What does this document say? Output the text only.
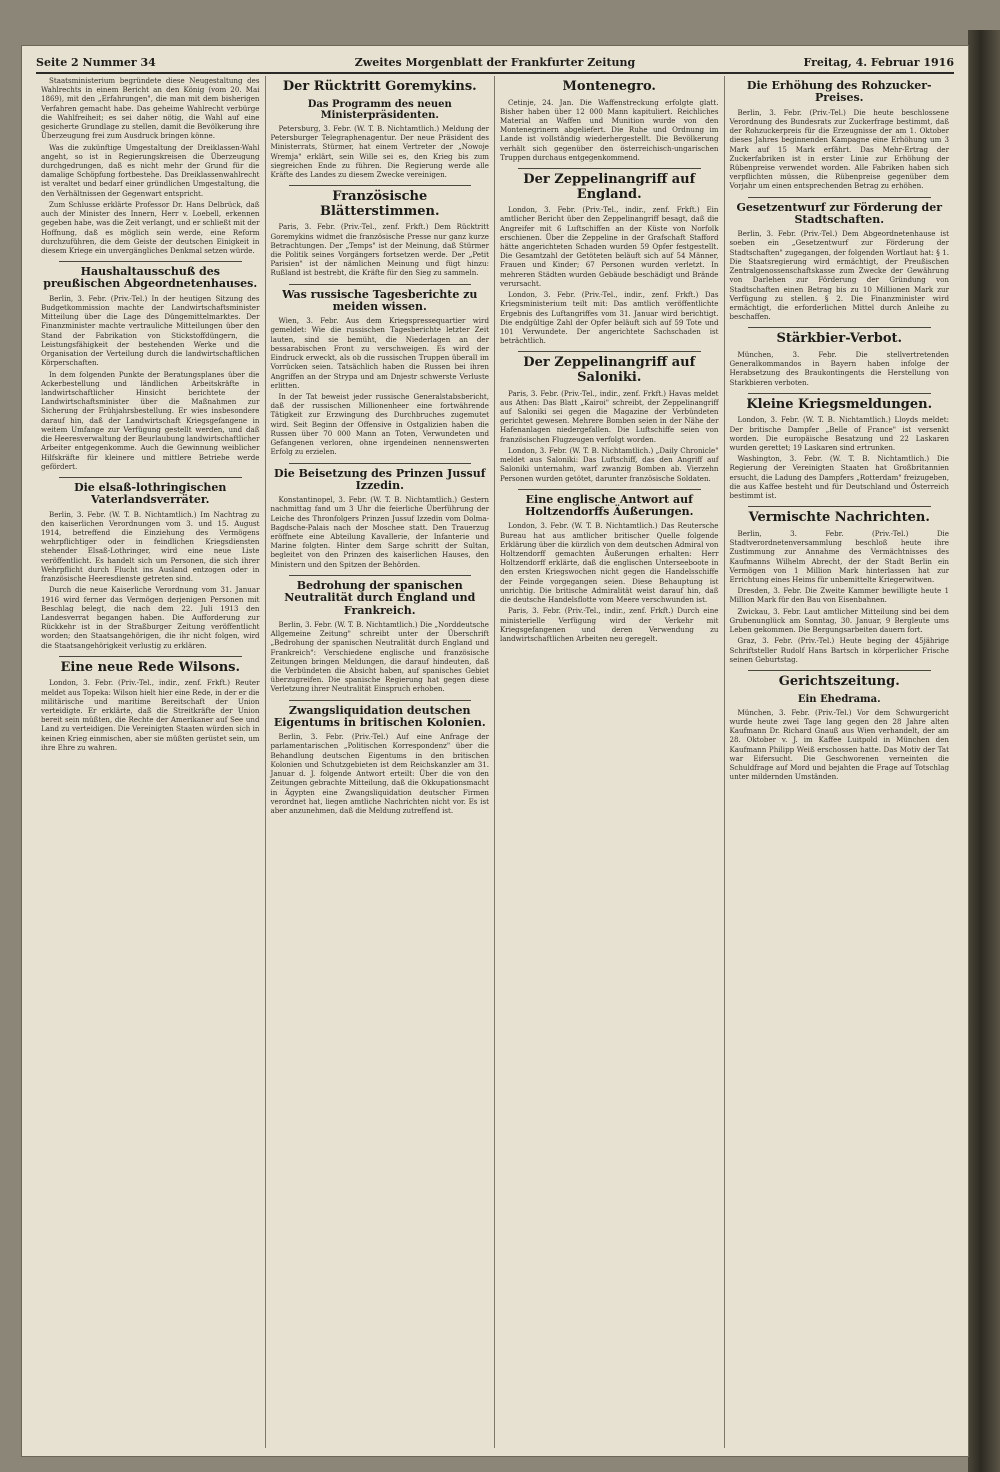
Seite 2 Nummer 34	Zweites Morgenblatt der Frankfurter Zeitung	Freitag, 4. Februar 1916

Staatsministerium begründete diese Neugestaltung des Wahlrechts in einem Bericht an den König (vom 20. Mai 1869), mit den „Erfahrungen", die man mit dem bisherigen Verfahren gemacht habe. Das geheime Wahlrecht verbürge die Wahlfreiheit; es sei daher nötig, die Wahl auf eine gesicherte Grundlage zu stellen, damit die Bevölkerung ihre Überzeugung frei zum Ausdruck bringen könne.

Was die zukünftige Umgestaltung der Dreiklassen-Wahl angeht, so ist in Regierungskreisen die Überzeugung durchgedrungen, daß es nicht mehr der Grund für die damalige Schöpfung fortbestehe. Das Dreiklassenwahlrecht ist veraltet und bedarf einer gründlichen Umgestaltung, die den Verhältnissen der Gegenwart entspricht.

Zum Schlusse erklärte Professor Dr. Hans Delbrück, daß auch der Minister des Innern, Herr v. Loebell, erkennen gegeben habe, was die Zeit verlangt, und er schließt mit der Hoffnung, daß es möglich sein werde, eine Reform durchzuführen, die dem Geiste der deutschen Einigkeit in diesem Kriege ein unvergängliches Denkmal setzen würde.

Haushaltausschuß des preußischen Abgeordnetenhauses.

Berlin, 3. Febr. (Priv.-Tel.) In der heutigen Sitzung des Budgetkommission machte der Landwirtschaftsminister Mitteilung über die Lage des Düngemittelmarktes. Der Finanzminister machte vertrauliche Mitteilungen über den Stand der Fabrikation von Stickstoffdüngern, die Leistungsfähigkeit der bestehenden Werke und die Organisation der Verteilung durch die landwirtschaftlichen Körperschaften.

In dem folgenden Punkte der Beratungsplanes über die Ackerbestellung und ländlichen Arbeitskräfte in landwirtschaftlicher Hinsicht berichtete der Landwirtschaftsminister über die Maßnahmen zur Sicherung der Frühjahrsbestellung. Er wies insbesondere darauf hin, daß der Landwirtschaft Kriegsgefangene in weitem Umfange zur Verfügung gestellt werden, und daß die Heeresverwaltung der Beurlaubung landwirtschaftlicher Arbeiter entgegenkomme. Auch die Gewinnung weiblicher Hilfskräfte für kleinere und mittlere Betriebe werde gefördert.

Die elsaß-lothringischen Vaterlandsverräter.

Berlin, 3. Febr. (W. T. B. Nichtamtlich.) Im Nachtrag zu den kaiserlichen Verordnungen vom 3. und 15. August 1914, betreffend die Einziehung des Vermögens wehrpflichtiger oder in feindlichen Kriegsdiensten stehender Elsaß-Lothringer, wird eine neue Liste veröffentlicht. Es handelt sich um Personen, die sich ihrer Wehrpflicht durch Flucht ins Ausland entzogen oder in französische Heeresdienste getreten sind.

Durch die neue Kaiserliche Verordnung vom 31. Januar 1916 wird ferner das Vermögen derjenigen Personen mit Beschlag belegt, die nach dem 22. Juli 1913 den Landesverrat begangen haben. Die Aufforderung zur Rückkehr ist in der Straßburger Zeitung veröffentlicht worden; den Staatsangehörigen, die ihr nicht folgen, wird die Staatsangehörigkeit verlustig zu erklären.

Eine neue Rede Wilsons.

London, 3. Febr. (Priv.-Tel., indir., zenf. Frkft.) Reuter meldet aus Topeka: Wilson hielt hier eine Rede, in der er die militärische und maritime Bereitschaft der Union verteidigte. Er erklärte, daß die Streitkräfte der Union bereit sein müßten, die Rechte der Amerikaner auf See und Land zu verteidigen. Die Vereinigten Staaten würden sich in keinen Krieg einmischen, aber sie müßten gerüstet sein, um ihre Ehre zu wahren.

Der Rücktritt Goremykins.
Das Programm des neuen Ministerpräsidenten.

Petersburg, 3. Febr. (W. T. B. Nichtamtlich.) Meldung der Petersburger Telegraphenagentur. Der neue Präsident des Ministerrats, Stürmer, hat einem Vertreter der „Nowoje Wremja" erklärt, sein Wille sei es, den Krieg bis zum siegreichen Ende zu führen. Die Regierung werde alle Kräfte des Landes zu diesem Zwecke vereinigen.

Französische Blätterstimmen.

Paris, 3. Febr. (Priv.-Tel., zenf. Frkft.) Dem Rücktritt Goremykins widmet die französische Presse nur ganz kurze Betrachtungen. Der „Temps" ist der Meinung, daß Stürmer die Politik seines Vorgängers fortsetzen werde. Der „Petit Parisien" ist der nämlichen Meinung und fügt hinzu: Rußland ist bestrebt, die Kräfte für den Sieg zu sammeln.

Was russische Tagesberichte zu meiden wissen.

Wien, 3. Febr. Aus dem Kriegspressequartier wird gemeldet: Wie die russischen Tagesberichte letzter Zeit lauten, sind sie bemüht, die Niederlagen an der bessarabischen Front zu verschweigen. Es wird der Eindruck erweckt, als ob die russischen Truppen überall im Vorrücken seien. Tatsächlich haben die Russen bei ihren Angriffen an der Strypa und am Dnjestr schwerste Verluste erlitten.

In der Tat beweist jeder russische Generalstabsbericht, daß der russischen Millionenheer eine fortwährende Tätigkeit zur Erzwingung des Durchbruches zugemutet wird. Seit Beginn der Offensive in Ostgalizien haben die Russen über 70 000 Mann an Toten, Verwundeten und Gefangenen verloren, ohne irgendeinen nennenswerten Erfolg zu erzielen.

Die Beisetzung des Prinzen Jussuf Izzedin.

Konstantinopel, 3. Febr. (W. T. B. Nichtamtlich.) Gestern nachmittag fand um 3 Uhr die feierliche Überführung der Leiche des Thronfolgers Prinzen Jussuf Izzedin vom Dolma-Bagdsche-Palais nach der Moschee statt. Den Trauerzug eröffnete eine Abteilung Kavallerie, der Infanterie und Marine folgten. Hinter dem Sarge schritt der Sultan, begleitet von den Prinzen des kaiserlichen Hauses, den Ministern und den Spitzen der Behörden.

Bedrohung der spanischen Neutralität durch England und Frankreich.

Berlin, 3. Febr. (W. T. B. Nichtamtlich.) Die „Norddeutsche Allgemeine Zeitung" schreibt unter der Überschrift „Bedrohung der spanischen Neutralität durch England und Frankreich": Verschiedene englische und französische Zeitungen bringen Meldungen, die darauf hindeuten, daß die Verbündeten die Absicht haben, auf spanisches Gebiet überzugreifen. Die spanische Regierung hat gegen diese Verletzung ihrer Neutralität Einspruch erhoben.

Zwangsliquidation deutschen Eigentums in britischen Kolonien.

Berlin, 3. Febr. (Priv.-Tel.) Auf eine Anfrage der parlamentarischen „Politischen Korrespondenz" über die Behandlung deutschen Eigentums in den britischen Kolonien und Schutzgebieten ist dem Reichskanzler am 31. Januar d. J. folgende Antwort erteilt: Über die von den Zeitungen gebrachte Mitteilung, daß die Okkupationsmacht in Ägypten eine Zwangsliquidation deutscher Firmen verordnet hat, liegen amtliche Nachrichten nicht vor. Es ist aber anzunehmen, daß die Meldung zutreffend ist.

Montenegro.

Cetinje, 24. Jan. Die Waffenstreckung erfolgte glatt. Bisher haben über 12 000 Mann kapituliert. Reichliches Material an Waffen und Munition wurde von den Montenegrinern abgeliefert. Die Ruhe und Ordnung im Lande ist vollständig wiederhergestellt. Die Bevölkerung verhält sich gegenüber den österreichisch-ungarischen Truppen durchaus entgegenkommend.

Der Zeppelinangriff auf England.

London, 3. Febr. (Priv.-Tel., indir., zenf. Frkft.) Ein amtlicher Bericht über den Zeppelinangriff besagt, daß die Angreifer mit 6 Luftschiffen an der Küste von Norfolk erschienen. Über die Zeppeline in der Grafschaft Stafford hätte angerichteten Schaden wurden 59 Opfer festgestellt. Die Gesamtzahl der Getöteten beläuft sich auf 54 Männer, Frauen und Kinder; 67 Personen wurden verletzt. In mehreren Städten wurden Gebäude beschädigt und Brände verursacht.

London, 3. Febr. (Priv.-Tel., indir., zenf. Frkft.) Das Kriegsministerium teilt mit: Das amtlich veröffentlichte Ergebnis des Luftangriffes vom 31. Januar wird berichtigt. Die endgültige Zahl der Opfer beläuft sich auf 59 Tote und 101 Verwundete. Der angerichtete Sachschaden ist beträchtlich.

Der Zeppelinangriff auf Saloniki.

Paris, 3. Febr. (Priv.-Tel., indir., zenf. Frkft.) Havas meldet aus Athen: Das Blatt „Kairoi" schreibt, der Zeppelinangriff auf Saloniki sei gegen die Magazine der Verbündeten gerichtet gewesen. Mehrere Bomben seien in der Nähe der Hafenanlagen niedergefallen. Die Luftschiffe seien von französischen Flugzeugen verfolgt worden.

London, 3. Febr. (W. T. B. Nichtamtlich.) „Daily Chronicle" meldet aus Saloniki: Das Luftschiff, das den Angriff auf Saloniki unternahm, warf zwanzig Bomben ab. Vierzehn Personen wurden getötet, darunter französische Soldaten.

Eine englische Antwort auf Holtzendorffs Äußerungen.

London, 3. Febr. (W. T. B. Nichtamtlich.) Das Reutersche Bureau hat aus amtlicher britischer Quelle folgende Erklärung über die kürzlich von dem deutschen Admiral von Holtzendorff gemachten Äußerungen erhalten: Herr Holtzendorff erklärte, daß die englischen Unterseeboote in den ersten Kriegswochen nicht gegen die Handelsschiffe der Feinde vorgegangen seien. Diese Behauptung ist unrichtig. Die britische Admiralität weist darauf hin, daß die deutsche Handelsflotte vom Meere verschwunden ist.

Paris, 3. Febr. (Priv.-Tel., indir., zenf. Frkft.) Durch eine ministerielle Verfügung wird der Verkehr mit Kriegsgefangenen und deren Verwendung zu landwirtschaftlichen Arbeiten neu geregelt.

Die Erhöhung des Rohzucker-Preises.

Berlin, 3. Febr. (Priv.-Tel.) Die heute beschlossene Verordnung des Bundesrats zur Zuckerfrage bestimmt, daß der Rohzuckerpreis für die Erzeugnisse der am 1. Oktober dieses Jahres beginnenden Kampagne eine Erhöhung um 3 Mark auf 15 Mark erfährt. Das Mehr-Ertrag der Zuckerfabriken ist in erster Linie zur Erhöhung der Rübenpreise verwendet worden. Alle Fabriken haben sich verpflichten müssen, die Rübenpreise gegenüber dem Vorjahr um einen entsprechenden Betrag zu erhöhen.

Gesetzentwurf zur Förderung der Stadtschaften.

Berlin, 3. Febr. (Priv.-Tel.) Dem Abgeordnetenhause ist soeben ein „Gesetzentwurf zur Förderung der Stadtschaften" zugegangen, der folgenden Wortlaut hat: § 1. Die Staatsregierung wird ermächtigt, der Preußischen Zentralgenossenschaftskasse zum Zwecke der Gewährung von Darlehen zur Förderung der Gründung von Stadtschaften einen Betrag bis zu 10 Millionen Mark zur Verfügung zu stellen. § 2. Die Finanzminister wird ermächtigt, die erforderlichen Mittel durch Anleihe zu beschaffen.

Stärkbier-Verbot.

München, 3. Febr. Die stellvertretenden Generalkommandos in Bayern haben infolge der Herabsetzung des Braukontingents die Herstellung von Starkbieren verboten.

Kleine Kriegsmeldungen.

London, 3. Febr. (W. T. B. Nichtamtlich.) Lloyds meldet: Der britische Dampfer „Belle of France" ist versenkt worden. Die europäische Besatzung und 22 Laskaren wurden gerettet; 19 Laskaren sind ertrunken.

Washington, 3. Febr. (W. T. B. Nichtamtlich.) Die Regierung der Vereinigten Staaten hat Großbritannien ersucht, die Ladung des Dampfers „Rotterdam" freizugeben, die aus Kaffee besteht und für Deutschland und Österreich bestimmt ist.

Vermischte Nachrichten.

Berlin, 3. Febr. (Priv.-Tel.) Die Stadtverordnetenversammlung beschloß heute ihre Zustimmung zur Annahme des Vermächtnisses des Kaufmanns Wilhelm Abrecht, der der Stadt Berlin ein Vermögen von 1 Million Mark hinterlassen hat zur Errichtung eines Heims für unbemittelte Kriegerwitwen.

Dresden, 3. Febr. Die Zweite Kammer bewilligte heute 1 Million Mark für den Bau von Eisenbahnen.

Zwickau, 3. Febr. Laut amtlicher Mitteilung sind bei dem Grubenunglück am Sonntag, 30. Januar, 9 Bergleute ums Leben gekommen. Die Bergungsarbeiten dauern fort.

Graz, 3. Febr. (Priv.-Tel.) Heute beging der 45jährige Schriftsteller Rudolf Hans Bartsch in körperlicher Frische seinen Geburtstag.

Gerichtszeitung.
Ein Ehedrama.

München, 3. Febr. (Priv.-Tel.) Vor dem Schwurgericht wurde heute zwei Tage lang gegen den 28 Jahre alten Kaufmann Dr. Richard Gnauß aus Wien verhandelt, der am 28. Oktober v. J. im Kaffee Luitpold in München den Kaufmann Philipp Weiß erschossen hatte. Das Motiv der Tat war Eifersucht. Die Geschworenen verneinten die Schuldfrage auf Mord und bejahten die Frage auf Totschlag unter mildernden Umständen.
